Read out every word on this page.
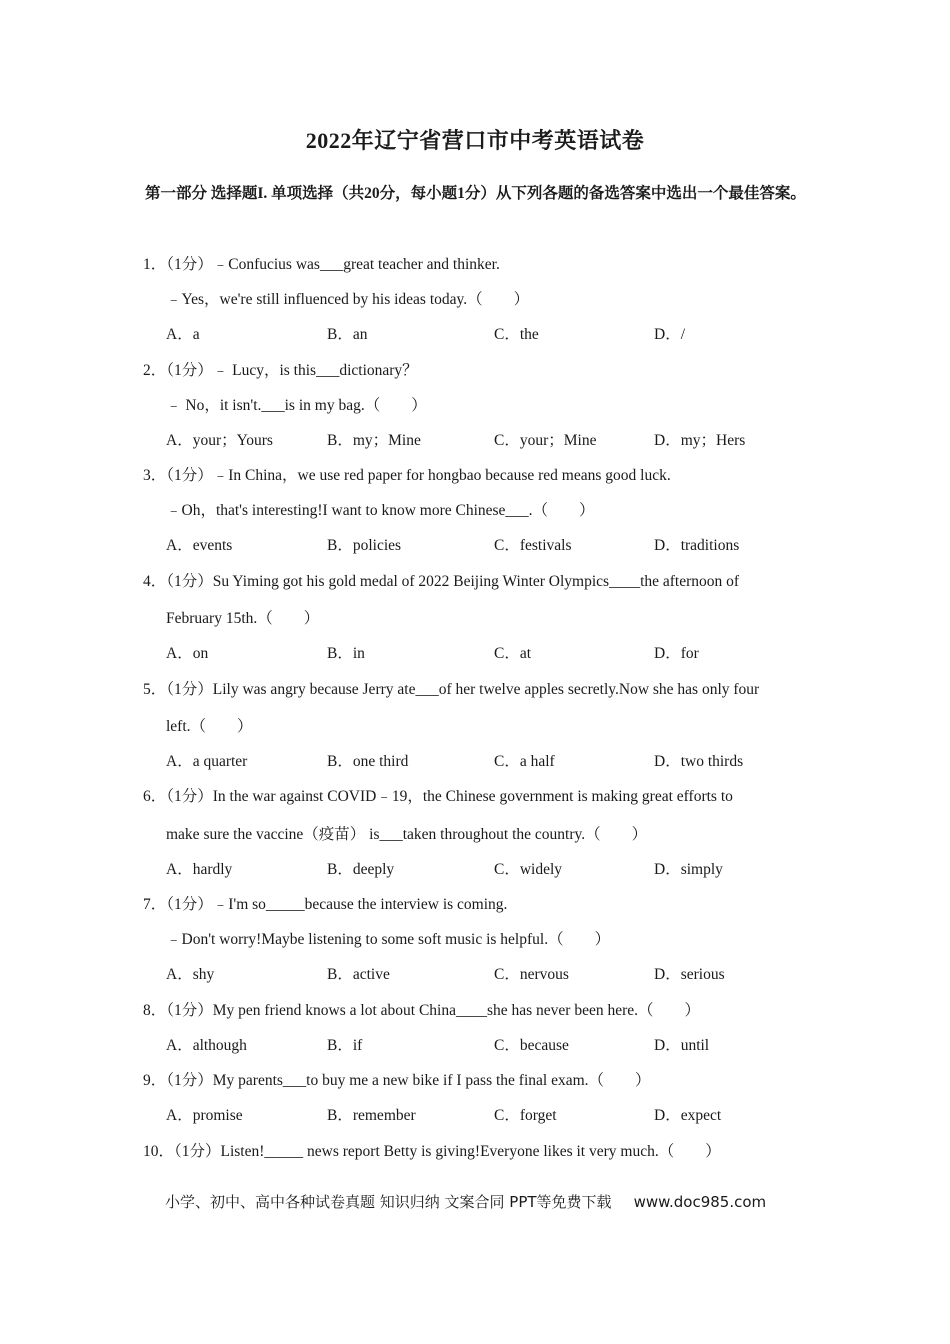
2022年辽宁省营口市中考英语试卷
第一部分 选择题I. 单项选择（共20分，每小题1分）从下列各题的备选答案中选出一个最佳答案。
1．（1分）﹣Confucius was___great teacher and thinker.
﹣Yes，we're still influenced by his ideas today.（　　）
A．a	B．an	C．the	D．/
2．（1分）﹣ Lucy，is this___dictionary？
﹣ No，it isn't.___is in my bag.（　　）
A．your；Yours	B．my；Mine	C．your；Mine	D．my；Hers
3．（1分）﹣In China，we use red paper for hongbao because red means good luck.
﹣Oh，that's interesting!I want to know more Chinese___.（　　）
A．events	B．policies	C．festivals	D．traditions
4．（1分）Su Yiming got his gold medal of 2022 Beijing Winter Olympics____the afternoon of
February 15th.（　　）
A．on	B．in	C．at	D．for
5．（1分）Lily was angry because Jerry ate___of her twelve apples secretly.Now she has only four
left.（　　）
A．a quarter	B．one third	C．a half	D．two thirds
6．（1分）In the war against COVID﹣19，the Chinese government is making great efforts to
make sure the vaccine（疫苗） is___taken throughout the country.（　　）
A．hardly	B．deeply	C．widely	D．simply
7．（1分）﹣I'm so_____because the interview is coming.
﹣Don't worry!Maybe listening to some soft music is helpful.（　　）
A．shy	B．active	C．nervous	D．serious
8．（1分）My pen friend knows a lot about China____she has never been here.（　　）
A．although	B．if	C．because	D．until
9．（1分）My parents___to buy me a new bike if I pass the final exam.（　　）
A．promise	B．remember	C．forget	D．expect
10．（1分）Listen!_____ news report Betty is giving!Everyone likes it very much.（　　）
小学、初中、高中各种试卷真题 知识归纳 文案合同 PPT等免费下载 www.doc985.com
